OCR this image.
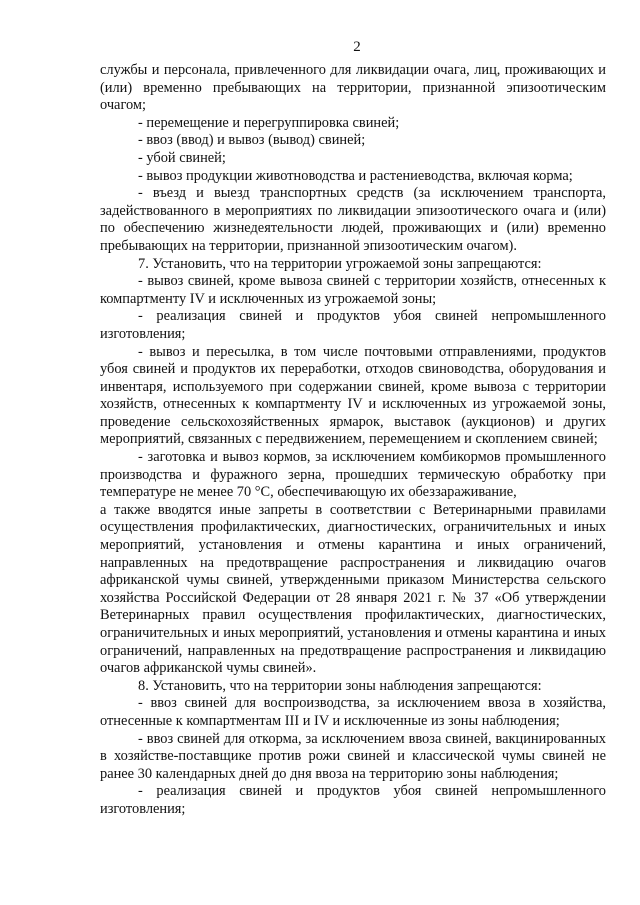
2

службы и персонала, привлеченного для ликвидации очага, лиц, проживающих и (или) временно пребывающих на территории, признанной эпизоотическим очагом;

- перемещение и перегруппировка свиней;

- ввоз (ввод) и вывоз (вывод) свиней;

- убой свиней;

- вывоз продукции животноводства и растениеводства, включая корма;

- въезд и выезд транспортных средств (за исключением транспорта, задействованного в мероприятиях по ликвидации эпизоотического очага и (или) по обеспечению жизнедеятельности людей, проживающих и (или) временно пребывающих на территории, признанной эпизоотическим очагом).

7. Установить, что на территории угрожаемой зоны запрещаются:

- вывоз свиней, кроме вывоза свиней с территории хозяйств, отнесенных к компартменту IV и исключенных из угрожаемой зоны;

- реализация свиней и продуктов убоя свиней непромышленного изготовления;

- вывоз и пересылка, в том числе почтовыми отправлениями, продуктов убоя свиней и продуктов их переработки, отходов свиноводства, оборудования и инвентаря, используемого при содержании свиней, кроме вывоза с территории хозяйств, отнесенных к компартменту IV и исключенных из угрожаемой зоны, проведение сельскохозяйственных ярмарок, выставок (аукционов) и других мероприятий, связанных с передвижением, перемещением и скоплением свиней;

- заготовка и вывоз кормов, за исключением комбикормов промышленного производства и фуражного зерна, прошедших термическую обработку при температуре не менее 70 °С, обеспечивающую их обеззараживание,

а также вводятся иные запреты в соответствии с Ветеринарными правилами осуществления профилактических, диагностических, ограничительных и иных мероприятий, установления и отмены карантина и иных ограничений, направленных на предотвращение распространения и ликвидацию очагов африканской чумы свиней, утвержденными приказом Министерства сельского хозяйства Российской Федерации от 28 января 2021 г. № 37 «Об утверждении Ветеринарных правил осуществления профилактических, диагностических, ограничительных и иных мероприятий, установления и отмены карантина и иных ограничений, направленных на предотвращение распространения и ликвидацию очагов африканской чумы свиней».

8. Установить, что на территории зоны наблюдения запрещаются:

- ввоз свиней для воспроизводства, за исключением ввоза в хозяйства, отнесенные к компартментам III и IV и исключенные из зоны наблюдения;

- ввоз свиней для откорма, за исключением ввоза свиней, вакцинированных в хозяйстве-поставщике против рожи свиней и классической чумы свиней не ранее 30 календарных дней до дня ввоза на территорию зоны наблюдения;

- реализация свиней и продуктов убоя свиней непромышленного изготовления;
